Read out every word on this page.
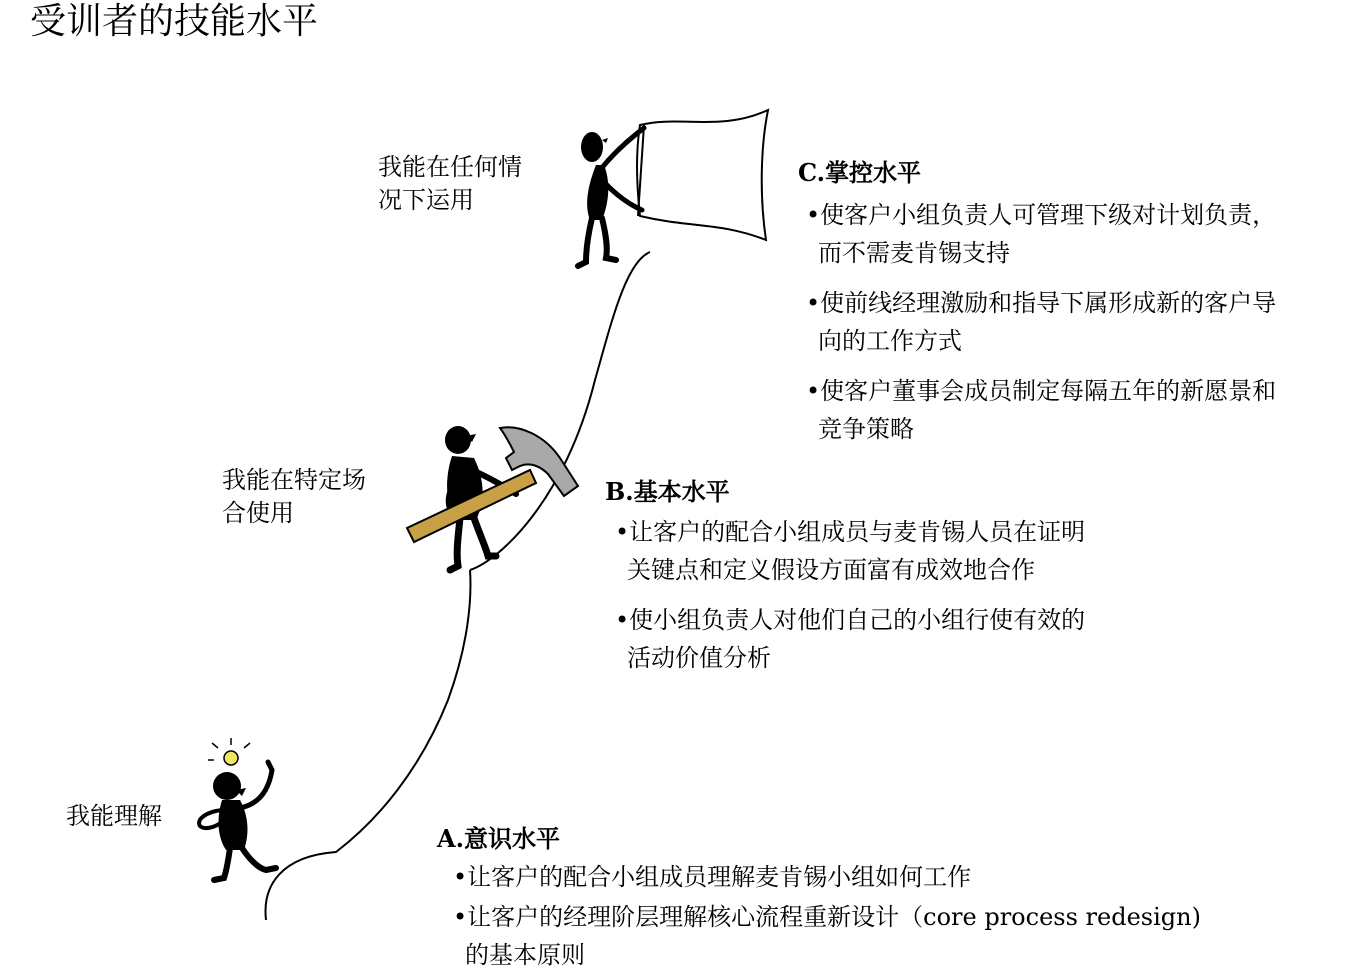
受训者的技能水平
我能在任何情
况下运用
我能在特定场
合使用
我能理解
C.掌控水平
•使客户小组负责人可管理下级对计划负责，
而不需麦肯锡支持
•使前线经理激励和指导下属形成新的客户导
向的工作方式
•使客户董事会成员制定每隔五年的新愿景和
竞争策略
B.基本水平
•让客户的配合小组成员与麦肯锡人员在证明
关键点和定义假设方面富有成效地合作
•使小组负责人对他们自己的小组行使有效的
活动价值分析
A.意识水平
•让客户的配合小组成员理解麦肯锡小组如何工作
•让客户的经理阶层理解核心流程重新设计（core process redesign)
的基本原则
